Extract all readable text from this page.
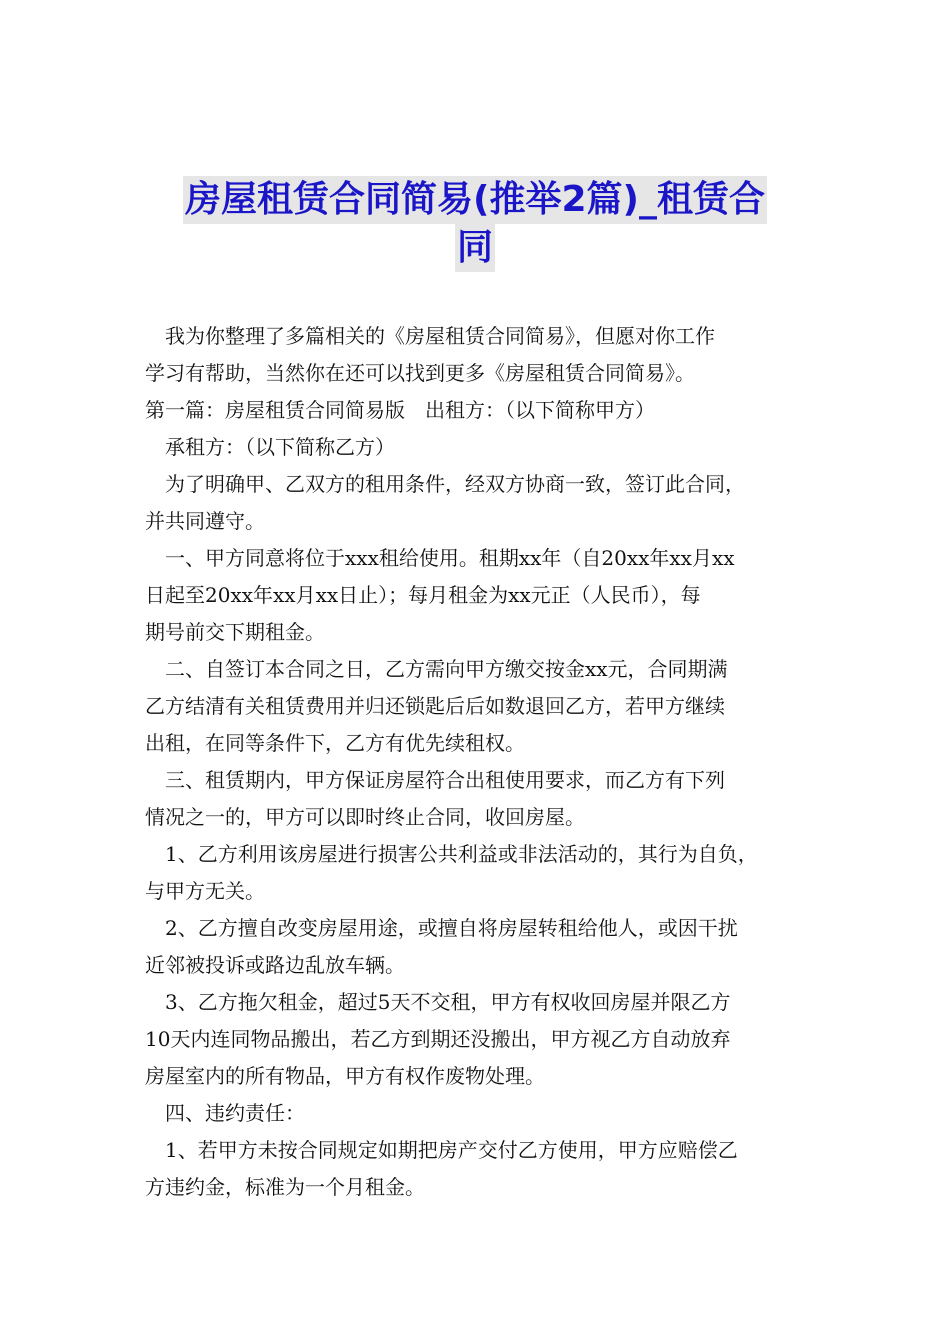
房屋租赁合同简易(推举2篇)_租赁合
同
　我为你整理了多篇相关的《房屋租赁合同简易》，但愿对你工作
学习有帮助，当然你在还可以找到更多《房屋租赁合同简易》。
第一篇：房屋租赁合同简易版　出租方：（以下简称甲方）
　承租方：（以下简称乙方）
　为了明确甲、乙双方的租用条件，经双方协商一致，签订此合同，
并共同遵守。
　一、甲方同意将位于xxx租给使用。租期xx年（自20xx年xx月xx
日起至20xx年xx月xx日止）；每月租金为xx元正（人民币），每
期号前交下期租金。
　二、自签订本合同之日，乙方需向甲方缴交按金xx元，合同期满
乙方结清有关租赁费用并归还锁匙后后如数退回乙方，若甲方继续
出租，在同等条件下，乙方有优先续租权。
　三、租赁期内，甲方保证房屋符合出租使用要求，而乙方有下列
情况之一的，甲方可以即时终止合同，收回房屋。
　1、乙方利用该房屋进行损害公共利益或非法活动的，其行为自负，
与甲方无关。
　2、乙方擅自改变房屋用途，或擅自将房屋转租给他人，或因干扰
近邻被投诉或路边乱放车辆。
　3、乙方拖欠租金，超过5天不交租，甲方有权收回房屋并限乙方
10天内连同物品搬出，若乙方到期还没搬出，甲方视乙方自动放弃
房屋室内的所有物品，甲方有权作废物处理。
　四、违约责任：
　1、若甲方未按合同规定如期把房产交付乙方使用，甲方应赔偿乙
方违约金，标准为一个月租金。
